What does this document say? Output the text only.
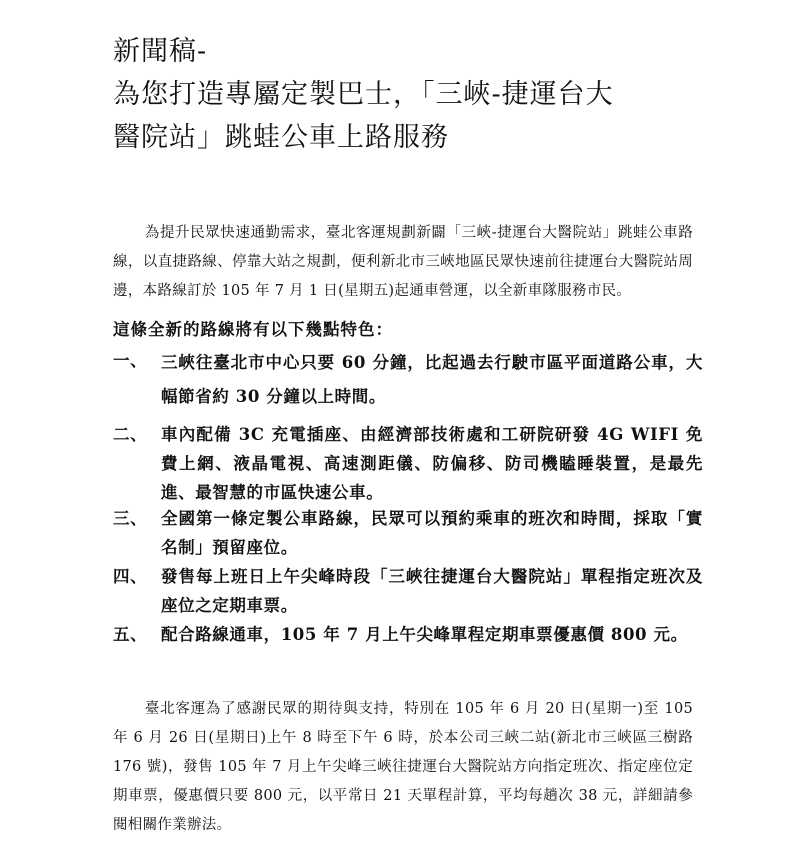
新聞稿-
為您打造專屬定製巴士，「三峽-捷運台大
醫院站」跳蛙公車上路服務

為提升民眾快速通勤需求，臺北客運規劃新闢「三峽-捷運台大醫院站」跳蛙公車路線，以直捷路線、停靠大站之規劃，便利新北市三峽地區民眾快速前往捷運台大醫院站周邊，本路線訂於 105 年 7 月 1 日(星期五)起通車營運，以全新車隊服務市民。

這條全新的路線將有以下幾點特色：
一、 三峽往臺北市中心只要 60 分鐘，比起過去行駛市區平面道路公車，大幅節省約 30 分鐘以上時間。
二、 車內配備 3C 充電插座、由經濟部技術處和工研院研發 4G WIFI 免費上網、液晶電視、高速測距儀、防偏移、防司機瞌睡裝置，是最先進、最智慧的市區快速公車。
三、 全國第一條定製公車路線，民眾可以預約乘車的班次和時間，採取「實名制」預留座位。
四、 發售每上班日上午尖峰時段「三峽往捷運台大醫院站」單程指定班次及座位之定期車票。
五、 配合路線通車，105 年 7 月上午尖峰單程定期車票優惠價 800 元。

臺北客運為了感謝民眾的期待與支持，特別在 105 年 6 月 20 日(星期一)至 105 年 6 月 26 日(星期日)上午 8 時至下午 6 時，於本公司三峽二站(新北市三峽區三樹路 176 號)，發售 105 年 7 月上午尖峰三峽往捷運台大醫院站方向指定班次、指定座位定期車票，優惠價只要 800 元，以平常日 21 天單程計算，平均每趟次 38 元，詳細請參閱相關作業辦法。
